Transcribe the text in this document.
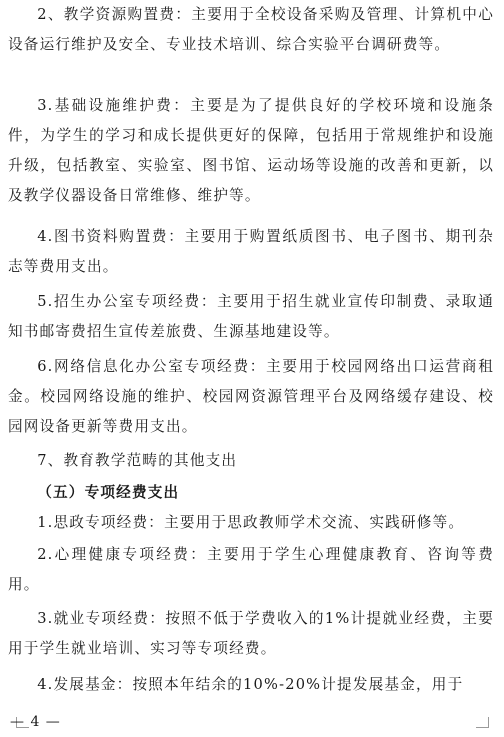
2、教学资源购置费：主要用于全校设备采购及管理、计算机中心设备运行维护及安全、专业技术培训、综合实验平台调研费等。

3.基础设施维护费：主要是为了提供良好的学校环境和设施条件，为学生的学习和成长提供更好的保障，包括用于常规维护和设施升级，包括教室、实验室、图书馆、运动场等设施的改善和更新，以及教学仪器设备日常维修、维护等。

4.图书资料购置费：主要用于购置纸质图书、电子图书、期刊杂志等费用支出。

5.招生办公室专项经费：主要用于招生就业宣传印制费、录取通知书邮寄费招生宣传差旅费、生源基地建设等。

6.网络信息化办公室专项经费：主要用于校园网络出口运营商租金。校园网络设施的维护、校园网资源管理平台及网络缓存建设、校园网设备更新等费用支出。

7、教育教学范畴的其他支出

（五）专项经费支出

1.思政专项经费：主要用于思政教师学术交流、实践研修等。

2.心理健康专项经费：主要用于学生心理健康教育、咨询等费用。

3.就业专项经费：按照不低于学费收入的1%计提就业经费，主要用于学生就业培训、实习等专项经费。

4.发展基金：按照本年结余的10%-20%计提发展基金，用于

— 4 —
